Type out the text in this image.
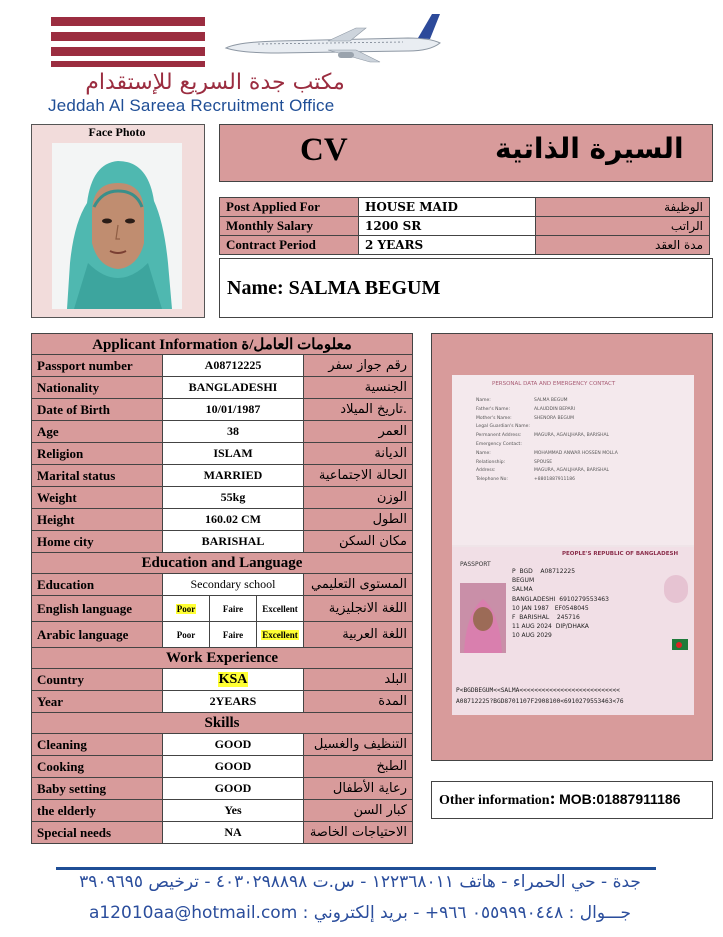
مكتب جدة السريع للإستقدام
Jeddah Al Sareea Recruitment Office
Face Photo	CV	السيرة الذاتية
Post Applied For	HOUSE MAID	الوظيفة
Monthly Salary	1200 SR	الراتب
Contract Period	2 YEARS	مدة العقد
Name: SALMA BEGUM
Applicant Information معلومات العامل/ة				
Passport number	A08712225			رقم جواز سفر
Nationality	BANGLADESHI			الجنسية
Date of Birth	10/01/1987			تاريخ الميلاد.
Age	38			العمر
Religion	ISLAM			الديانة
Marital status	MARRIED			الحالة الاجتماعية
Weight	55kg			الوزن
Height	160.02 CM			الطول
Home city	BARISHAL			مكان السكن
Education and Language				
Education	Secondary school			المستوى التعليمي
English language	Poor	Faire	Excellent	اللغة الانجليزية
Arabic language	Poor	Faire	Excellent	اللغة العربية
Work Experience				
Country	KSA			البلد
Year	2YEARS			المدة
Skills				
Cleaning	GOOD			التنظيف والغسيل
Cooking	GOOD			الطبخ
Baby setting	GOOD			رعاية الأطفال
the elderly	Yes			كبار السن
Special needs	NA			الاحتياجات الخاصة
PERSONAL DATA AND EMERGENCY CONTACT
Name:	SALMA BEGUM
Father's Name:	ALAUDDIN BEPARI
Mother's Name:	SHENORA BEGUM
Legal Guardian's Name:
Permanent Address:	MAGURA, AGAILJHARA, BARISHAL
Emergency Contact:
Name:	MOHAMMAD ANWAR HOSSEN MOLLA
Relationship:	SPOUSE
Address:	MAGURA, AGAILJHARA, BARISHAL
Telephone No:	+8801887911186
PEOPLE'S REPUBLIC OF BANGLADESH
PASSPORT
P BGD A08712225
BEGUM
SALMA
BANGLADESHI 6910279553463
10 JAN 1987 EF0548045
F BARISHAL 245716
11 AUG 2024 DIP/DHAKA
10 AUG 2029
P<BGDBEGUM<<SALMA<<<<<<<<<<<<<<<<<<<<<<<<<<<
A08712225?BGD8701107F2908100<6910279553463<76
Other information: MOB:01887911186
جدة - حي الحمراء - هاتف ١٢٢٣٦٨٠١١ - س.ت ٤٠٣٠٢٩٨٨٩٨ - ترخيص ٣٩٠٩٦٩٥
a12010aa@hotmail.com جـــوال : ٠٥٥٩٩٩٠٤٤٨ ٩٦٦+ - بريد إلكتروني :
